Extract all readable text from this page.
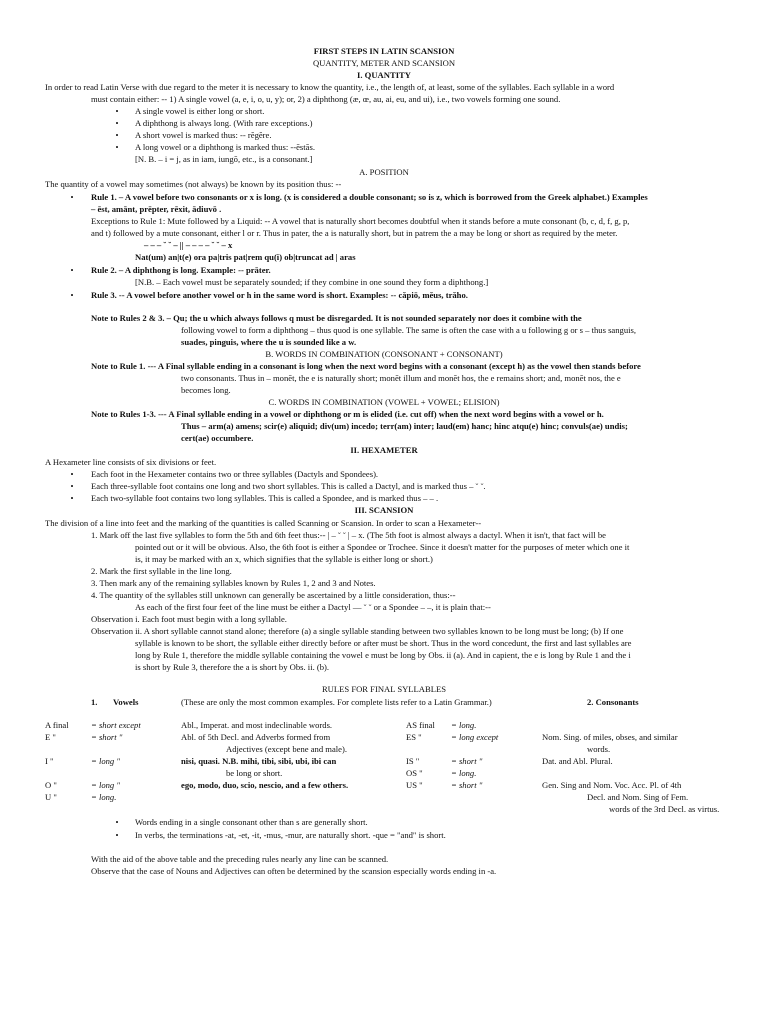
FIRST STEPS IN LATIN SCANSION
QUANTITY, METER AND SCANSION
I. QUANTITY
In order to read Latin Verse with due regard to the meter it is necessary to know the quantity, i.e., the length of, at least, some of the syllables. Each syllable in a word
must contain either: -- 1) A single vowel (a, e, i, o, u, y); or, 2) a diphthong (æ, œ, au, ai, eu, and ui), i.e., two vowels forming one sound.
• A single vowel is either long or short.
• A diphthong is always long. (With rare exceptions.)
• A short vowel is marked thus: -- rĕgĕre.
• A long vowel or a diphthong is marked thus: --ēstās.
[N. B. – i = j, as in iam, iungō, etc., is a consonant.]
A. POSITION
The quantity of a vowel may sometimes (not always) be known by its position thus: --
• Rule 1. – A vowel before two consonants or x is long. (x is considered a double consonant; so is z, which is borrowed from the Greek alphabet.) Examples
– ēst, amānt, prēpter, rēxit, ādiuvō .
Exceptions to Rule 1: Mute followed by a Liquid: -- A vowel that is naturally short becomes doubtful when it stands before a mute consonant (b, c, d, f, g, p,
and t) followed by a mute consonant, either l or r. Thus in pater, the a is naturally short, but in patrem the a may be long or short as required by the meter.
– – – ˘ ˘ – || – – – – ˘ ˘ – x
Nat(um) an|t(e) ora pa|tris pat|rem qu(i) ob|truncat ad | aras
• Rule 2. – A diphthong is long. Example: -- prāter.
[N.B. – Each vowel must be separately sounded; if they combine in one sound they form a diphthong.]
• Rule 3. -- A vowel before another vowel or h in the same word is short. Examples: -- căpiō, mĕus, trăho.
Note to Rules 2 & 3. – Qu; the u which always follows q must be disregarded. It is not sounded separately nor does it combine with the
following vowel to form a diphthong – thus quod is one syllable. The same is often the case with a u following g or s – thus sanguis,
suades, pinguis, where the u is sounded like a w.
B. WORDS IN COMBINATION (CONSONANT + CONSONANT)
Note to Rule 1. --- A Final syllable ending in a consonant is long when the next word begins with a consonant (except h) as the vowel then stands before
two consonants. Thus in – monēt, the e is naturally short; monēt illum and monēt hos, the e remains short; and, monēt nos, the e
becomes long.
C. WORDS IN COMBINATION (VOWEL + VOWEL; ELISION)
Note to Rules 1-3. --- A Final syllable ending in a vowel or diphthong or m is elided (i.e. cut off) when the next word begins with a vowel or h.
Thus – arm(a) amens; scir(e) aliquid; div(um) incedo; terr(am) inter; laud(em) hanc; hinc atqu(e) hinc; convuls(ae) undis;
cert(ae) occumbere.
II. HEXAMETER
A Hexameter line consists of six divisions or feet.
• Each foot in the Hexameter contains two or three syllables (Dactyls and Spondees).
• Each three-syllable foot contains one long and two short syllables. This is called a Dactyl, and is marked thus – ˘ ˘.
• Each two-syllable foot contains two long syllables. This is called a Spondee, and is marked thus – – .
III. SCANSION
The division of a line into feet and the marking of the quantities is called Scanning or Scansion. In order to scan a Hexameter--
1. Mark off the last five syllables to form the 5th and 6th feet thus:-- | – ˘ ˘ | – x. (The 5th foot is almost always a dactyl. When it isn't, that fact will be
pointed out or it will be obvious. Also, the 6th foot is either a Spondee or Trochee. Since it doesn't matter for the purposes of meter which one it
is, it may be marked with an x, which signifies that the syllable is either long or short.)
2. Mark the first syllable in the line long.
3. Then mark any of the remaining syllables known by Rules 1, 2 and 3 and Notes.
4. The quantity of the syllables still unknown can generally be ascertained by a little consideration, thus:--
As each of the first four feet of the line must be either a Dactyl — ˘ ˘ or a Spondee – –, it is plain that:--
Observation i. Each foot must begin with a long syllable.
Observation ii. A short syllable cannot stand alone; therefore (a) a single syllable standing between two syllables known to be long must be long; (b) If one
syllable is known to be short, the syllable either directly before or after must be short. Thus in the word concedunt, the first and last syllables are
long by Rule 1, therefore the middle syllable containing the vowel e must be long by Obs. ii (a). And in capient, the e is long by Rule 1 and the i
is short by Rule 3, therefore the a is short by Obs. ii. (b).
RULES FOR FINAL SYLLABLES
1. Vowels	(These are only the most common examples. For complete lists refer to a Latin Grammar.)	2. Consonants
A final	= short except	Abl., Imperat. and most indeclinable words.
E "	= short "	Abl. of 5th Decl. and Adverbs formed from
Adjectives (except bene and male).
I "	= long "	nisi, quasi. N.B. mihi, tibi, sibi, ubi, ibi can
be long or short.
O "	= long "	ego, modo, duo, scio, nescio, and a few others.
U "	= long.
AS final = long.
ES "	= long except	Nom. Sing. of miles, obses, and similar
words.
IS "	= short "	Dat. and Abl. Plural.
OS "	= long.
US "	= short "	Gen. Sing and Nom. Voc. Acc. Pl. of 4th
Decl. and Nom. Sing of Fem.
words of the 3rd Decl. as virtus.
• Words ending in a single consonant other than s are generally short.
• In verbs, the terminations -at, -et, -it, -mus, -mur, are naturally short. -que = "and" is short.
With the aid of the above table and the preceding rules nearly any line can be scanned.
Observe that the case of Nouns and Adjectives can often be determined by the scansion especially words ending in -a.
